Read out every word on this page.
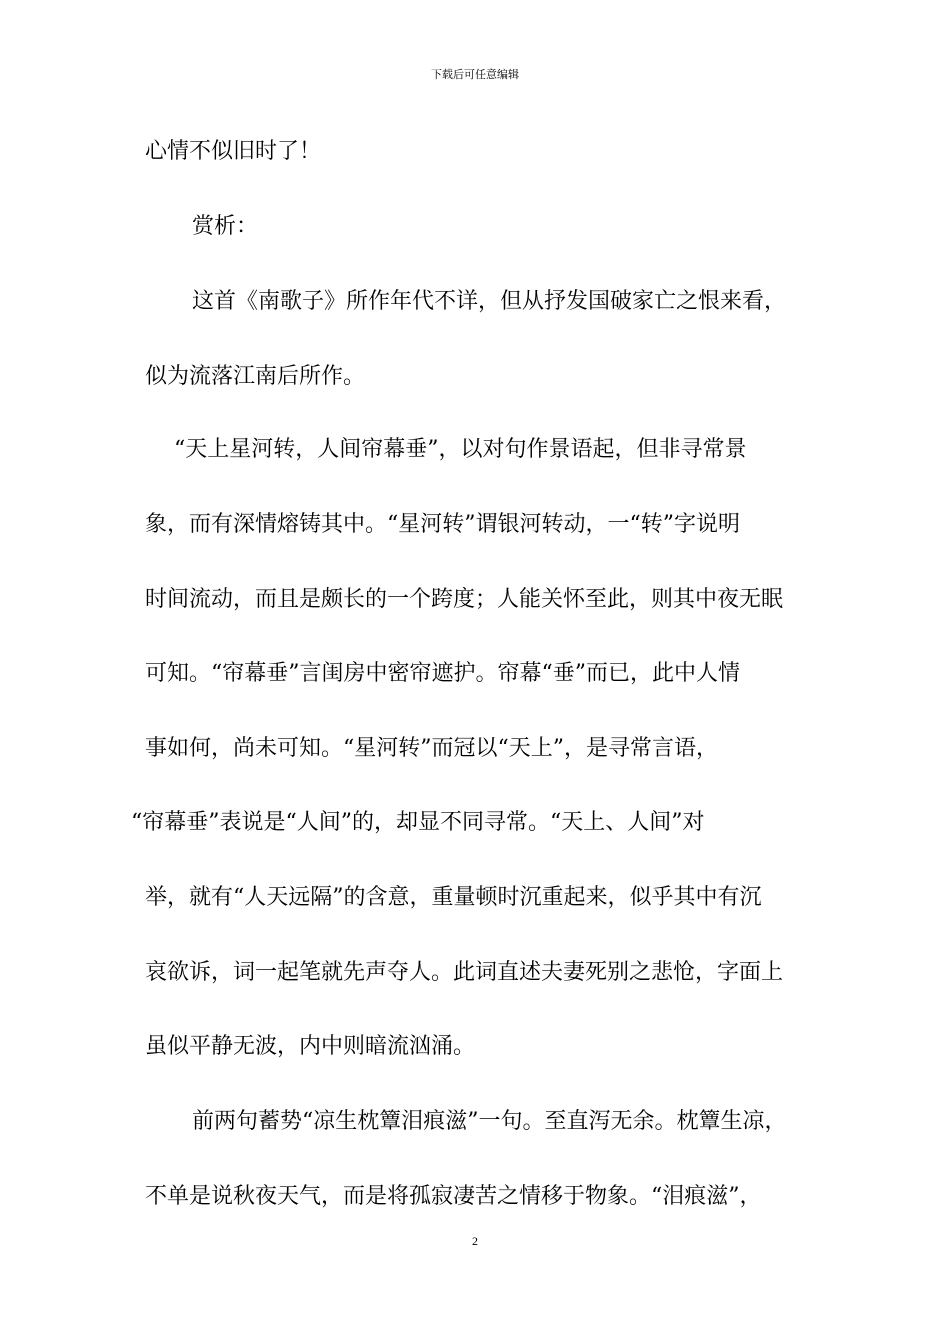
下载后可任意编辑
心情不似旧时了！
赏析：
这首《南歌子》所作年代不详，但从抒发国破家亡之恨来看，
似为流落江南后所作。
“天上星河转，人间帘幕垂”，以对句作景语起，但非寻常景
象，而有深情熔铸其中。“星河转”谓银河转动，一“转”字说明
时间流动，而且是颇长的一个跨度；人能关怀至此，则其中夜无眠
可知。“帘幕垂”言闺房中密帘遮护。帘幕“垂”而已，此中人情
事如何，尚未可知。“星河转”而冠以“天上”，是寻常言语，
“帘幕垂”表说是“人间”的，却显不同寻常。“天上、人间”对
举，就有“人天远隔”的含意，重量顿时沉重起来，似乎其中有沉
哀欲诉，词一起笔就先声夺人。此词直述夫妻死别之悲怆，字面上
虽似平静无波，内中则暗流汹涌。
前两句蓄势“凉生枕簟泪痕滋”一句。至直泻无余。枕簟生凉，
不单是说秋夜天气，而是将孤寂凄苦之情移于物象。“泪痕滋”，
2
